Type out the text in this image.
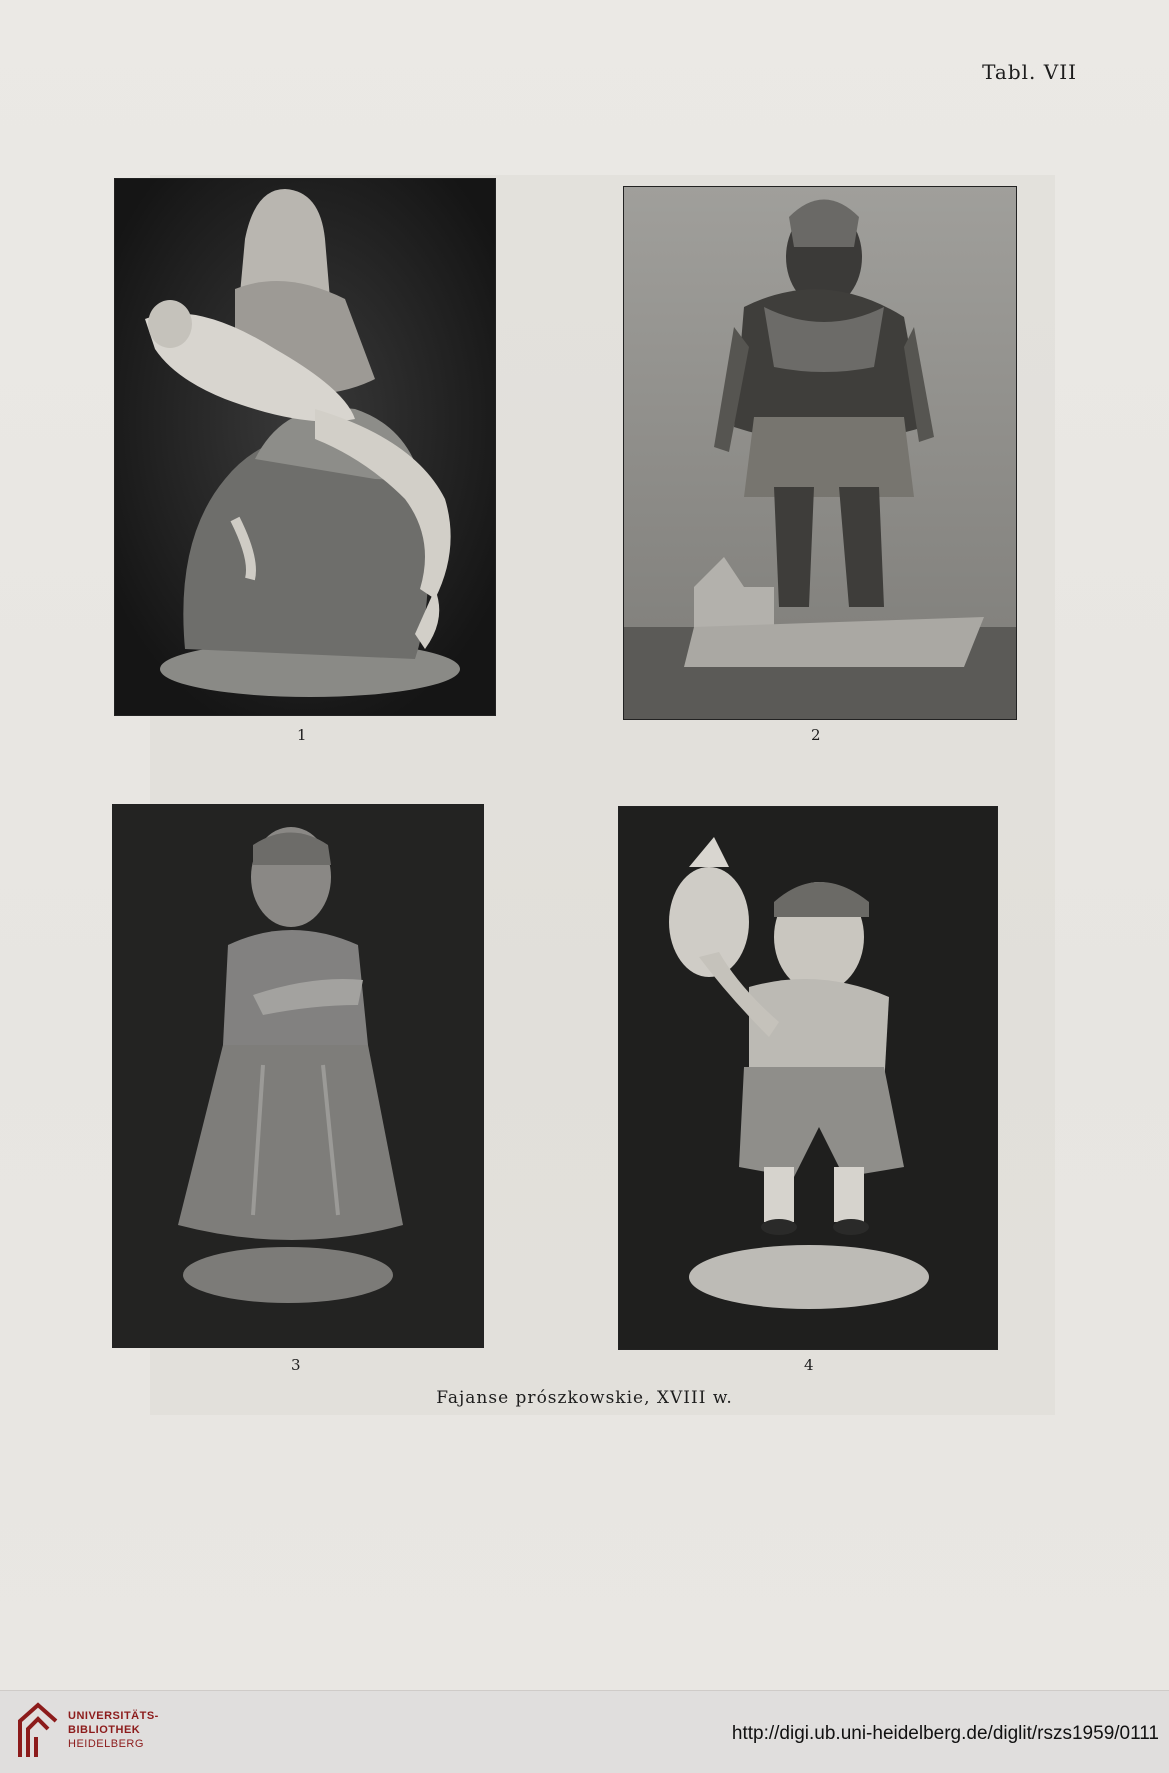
Tabl. VII
1	2
3	4
Fajanse prószkowskie, XVIII w.
UNIVERSITÄTS-
BIBLIOTHEK
HEIDELBERG	http://digi.ub.uni-heidelberg.de/diglit/rszs1959/0111
